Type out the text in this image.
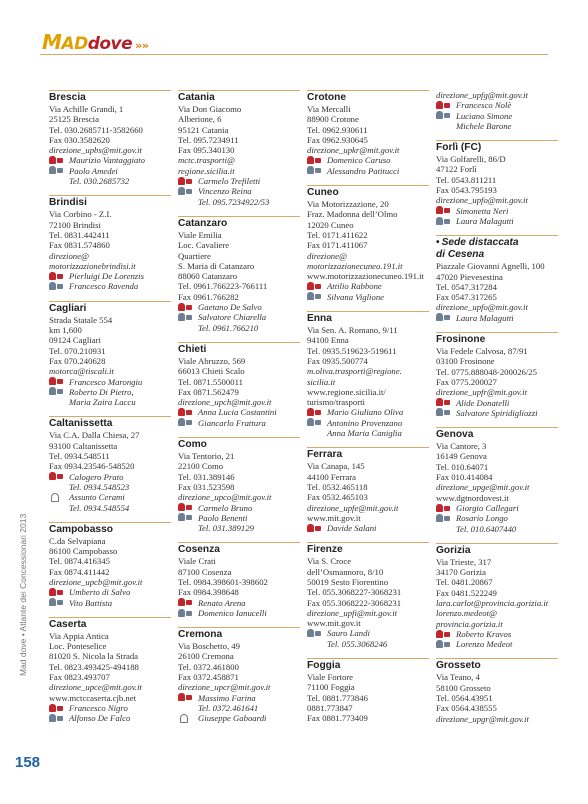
M AD dove »»
Mad dove • Atlante dei Concessionari 2013
158
Brescia
Via Achille Grandi, 1
25125 Brescia
Tel. 030.2685711-3582660
Fax 030.3582620
direzione_upbs@mit.gov.it
Maurizio Vantaggiato
Paolo Amedei
Tel. 030.2685732
Brindisi
Via Corbino - Z.I.
72100 Brindisi
Tel. 0831.442411
Fax 0831.574860
direzione@
motorizzazionebrindisi.it
Pierluigi De Lorenzis
Francesco Ravenda
Cagliari
Strada Statale 554
km 1,600
09124 Cagliari
Tel. 070.210931
Fax 070.240628
motorca@tiscali.it
Francesco Marongiu
Roberto Di Pietro,
Maria Zaira Laccu
Caltanissetta
Via C.A. Dalla Chiesa, 27
93100 Caltanissetta
Tel. 0934.548511
Fax 0934.23546-548520
Calogero Prato
Tel. 0934.548523
Assunto Cerami
Tel. 0934.548554
Campobasso
C.da Selvapiana
86100 Campobasso
Tel. 0874.416345
Fax 0874.411442
direzione_upcb@mit.gov.it
Umberto di Salvo
Vito Battista
Caserta
Via Appia Antica
Loc. Ponteselice
81020 S. Nicola la Strada
Tel. 0823.493425-494188
Fax 0823.493707
direzione_upce@mit.gov.it
www.mctccaserta.cjb.net
Francesco Nigro
Alfonso De Falco
Catania
Via Don Giacomo
Alberione, 6
95121 Catania
Tel. 095.7234911
Fax 095.340130
mctc.trasporti@
regione.sicilia.it
Carmelo Trefiletti
Vincenzo Reina
Tel. 095.7234922/53
Catanzaro
Viale Emilia
Loc. Cavaliere
Quartiere
S. Maria di Catanzaro
88060 Catanzaro
Tel. 0961.766223-766111
Fax 0961.766282
Gaetano De Salvo
Salvatore Chiarella
Tel. 0961.766210
Chieti
Viale Abruzzo, 569
66013 Chieti Scalo
Tel. 0871.5500011
Fax 0871.562479
direzione_upch@mit.gov.it
Anna Lucia Costantini
Giancarlo Frattura
Como
Via Tentorio, 21
22100 Como
Tel. 031.389146
Fax 031.523598
direzione_upco@mit.gov.it
Carmelo Bruno
Paolo Benenti
Tel. 031.389129
Cosenza
Viale Crati
87100 Cosenza
Tel. 0984.398601-398602
Fax 0984.398648
Renato Arena
Domenico Ianucelli
Cremona
Via Boschetto, 49
26100 Cremona
Tel. 0372.461800
Fax 0372.458871
direzione_upcr@mit.gov.it
Massimo Farina
Tel. 0372.461641
Giuseppe Gaboardi
Crotone
Via Mercalli
88900 Crotone
Tel. 0962.930611
Fax 0962.930645
direzione_upkr@mit.gov.it
Domenico Caruso
Alessandro Patitucci
Cuneo
Via Motorizzazione, 20
Fraz. Madonna dell’Olmo
12020 Cuneo
Tel. 0171.411622
Fax 0171.411067
direzione@
motorizzazionecuneo.191.it
www.motorizzazionecuneo.191.it
Attilio Rabbone
Silvana Viglione
Enna
Via Sen. A. Romano, 9/11
94100 Enna
Tel. 0935.519623-519611
Fax 0935.500774
m.oliva.trasporti@regione.
sicilia.it
www.regione.sicilia.it/
turismo/trasporti
Mario Giuliano Oliva
Antonino Provenzano
Anna Maria Caniglia
Ferrara
Via Canapa, 145
44100 Ferrara
Tel. 0532.465118
Fax 0532.465103
direzione_upfe@mit.gov.it
www.mit.gov.it
Davide Salani
Firenze
Via S. Croce
dell’Osmannoro, 8/10
50019 Sesto Fiorentino
Tel. 055.3068227-3068231
Fax 055.3068222-3068231
direzione_upfi@mit.gov.it
www.mit.gov.it
Sauro Landi
Tel. 055.3068246
Foggia
Viale Fortore
71100 Foggia
Tel. 0881.773846
0881.773847
Fax 0881.773409
direzione_upfg@mit.gov.it
Francesco Nolè
Luciano Simone
Michele Barone
Forlì (FC)
Via Golfarelli, 86/D
47122 Forlì
Tel. 0543.811211
Fax 0543.795193
direzione_upfo@mit.gov.it
Simonetta Neri
Laura Malagutti
• Sede distaccata
di Cesena
Piazzale Giovanni Agnelli, 100
47020 Pievesestina
Tel. 0547.317284
Fax 0547.317265
direzione_upfo@mit.gov.it
Laura Malagutti
Frosinone
Via Fedele Calvosa, 87/91
03100 Frosinone
Tel. 0775.888048-200026/25
Fax 0775.200027
direzione_upfr@mit.gov.it
Alide Donatelli
Salvatore Spiridigliozzi
Genova
Via Cantore, 3
16149 Genova
Tel. 010.64071
Fax 010.414084
direzione_upge@mit.gov.it
www.dgtnordovest.it
Giorgio Callegari
Rosario Longo
Tel. 010.6407440
Gorizia
Via Trieste, 317
34170 Gorizia
Tel. 0481.20867
Fax 0481.522249
lara.carlot@provincia.gorizia.it
lorenzo.medeot@
provincia.gorizia.it
Roberto Kravos
Lorenzo Medeot
Grosseto
Via Teano, 4
58100 Grosseto
Tel. 0564.43951
Fax 0564.438555
direzione_upgr@mit.gov.it
